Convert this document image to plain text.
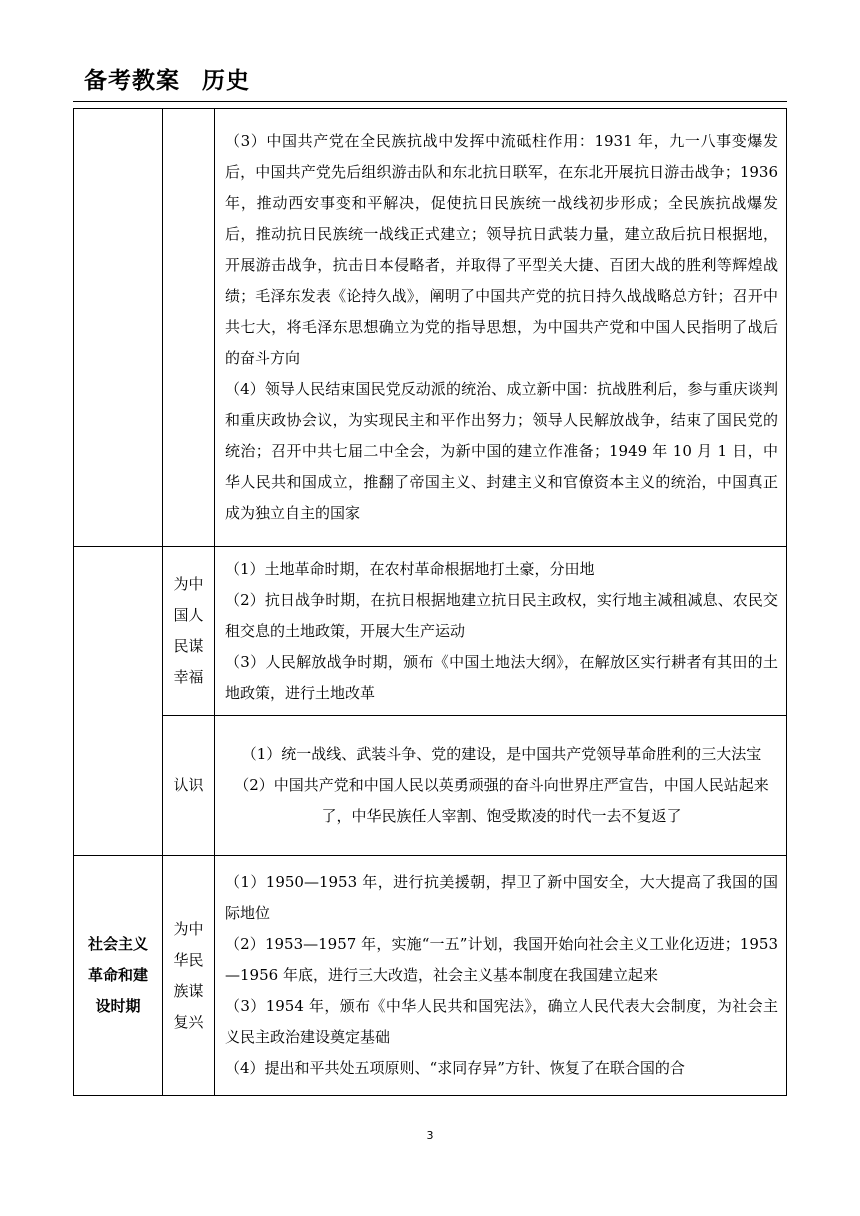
备考教案 历史

		（3）中国共产党在全民族抗战中发挥中流砥柱作用：1931 年，九一八事变爆发后，中国共产党先后组织游击队和东北抗日联军，在东北开展抗日游击战争；1936 年，推动西安事变和平解决，促使抗日民族统一战线初步形成；全民族抗战爆发后，推动抗日民族统一战线正式建立；领导抗日武装力量，建立敌后抗日根据地，开展游击战争，抗击日本侵略者，并取得了平型关大捷、百团大战的胜利等辉煌战绩；毛泽东发表《论持久战》，阐明了中国共产党的抗日持久战战略总方针；召开中共七大，将毛泽东思想确立为党的指导思想，为中国共产党和中国人民指明了战后的奋斗方向

（4）领导人民结束国民党反动派的统治、成立新中国：抗战胜利后，参与重庆谈判和重庆政协会议，为实现民主和平作出努力；领导人民解放战争，结束了国民党的统治；召开中共七届二中全会，为新中国的建立作准备；1949 年 10 月 1 日，中华人民共和国成立，推翻了帝国主义、封建主义和官僚资本主义的统治，中国真正成为独立自主的国家

	为中国人民谋幸福	（1）土地革命时期，在农村革命根据地打土豪，分田地

（2）抗日战争时期，在抗日根据地建立抗日民主政权，实行地主减租减息、农民交租交息的土地政策，开展大生产运动

（3）人民解放战争时期，颁布《中国土地法大纲》，在解放区实行耕者有其田的土地政策，进行土地改革

	认识	（1）统一战线、武装斗争、党的建设，是中国共产党领导革命胜利的三大法宝

（2）中国共产党和中国人民以英勇顽强的奋斗向世界庄严宣告，中国人民站起来了，中华民族任人宰割、饱受欺凌的时代一去不复返了

社会主义革命和建设时期	为中华民族谋复兴	（1）1950—1953 年，进行抗美援朝，捍卫了新中国安全，大大提高了我国的国际地位

（2）1953—1957 年，实施“一五”计划，我国开始向社会主义工业化迈进；1953—1956 年底，进行三大改造，社会主义基本制度在我国建立起来

（3）1954 年，颁布《中华人民共和国宪法》，确立人民代表大会制度，为社会主义民主政治建设奠定基础

（4）提出和平共处五项原则、“求同存异”方针、恢复了在联合国的合

3
